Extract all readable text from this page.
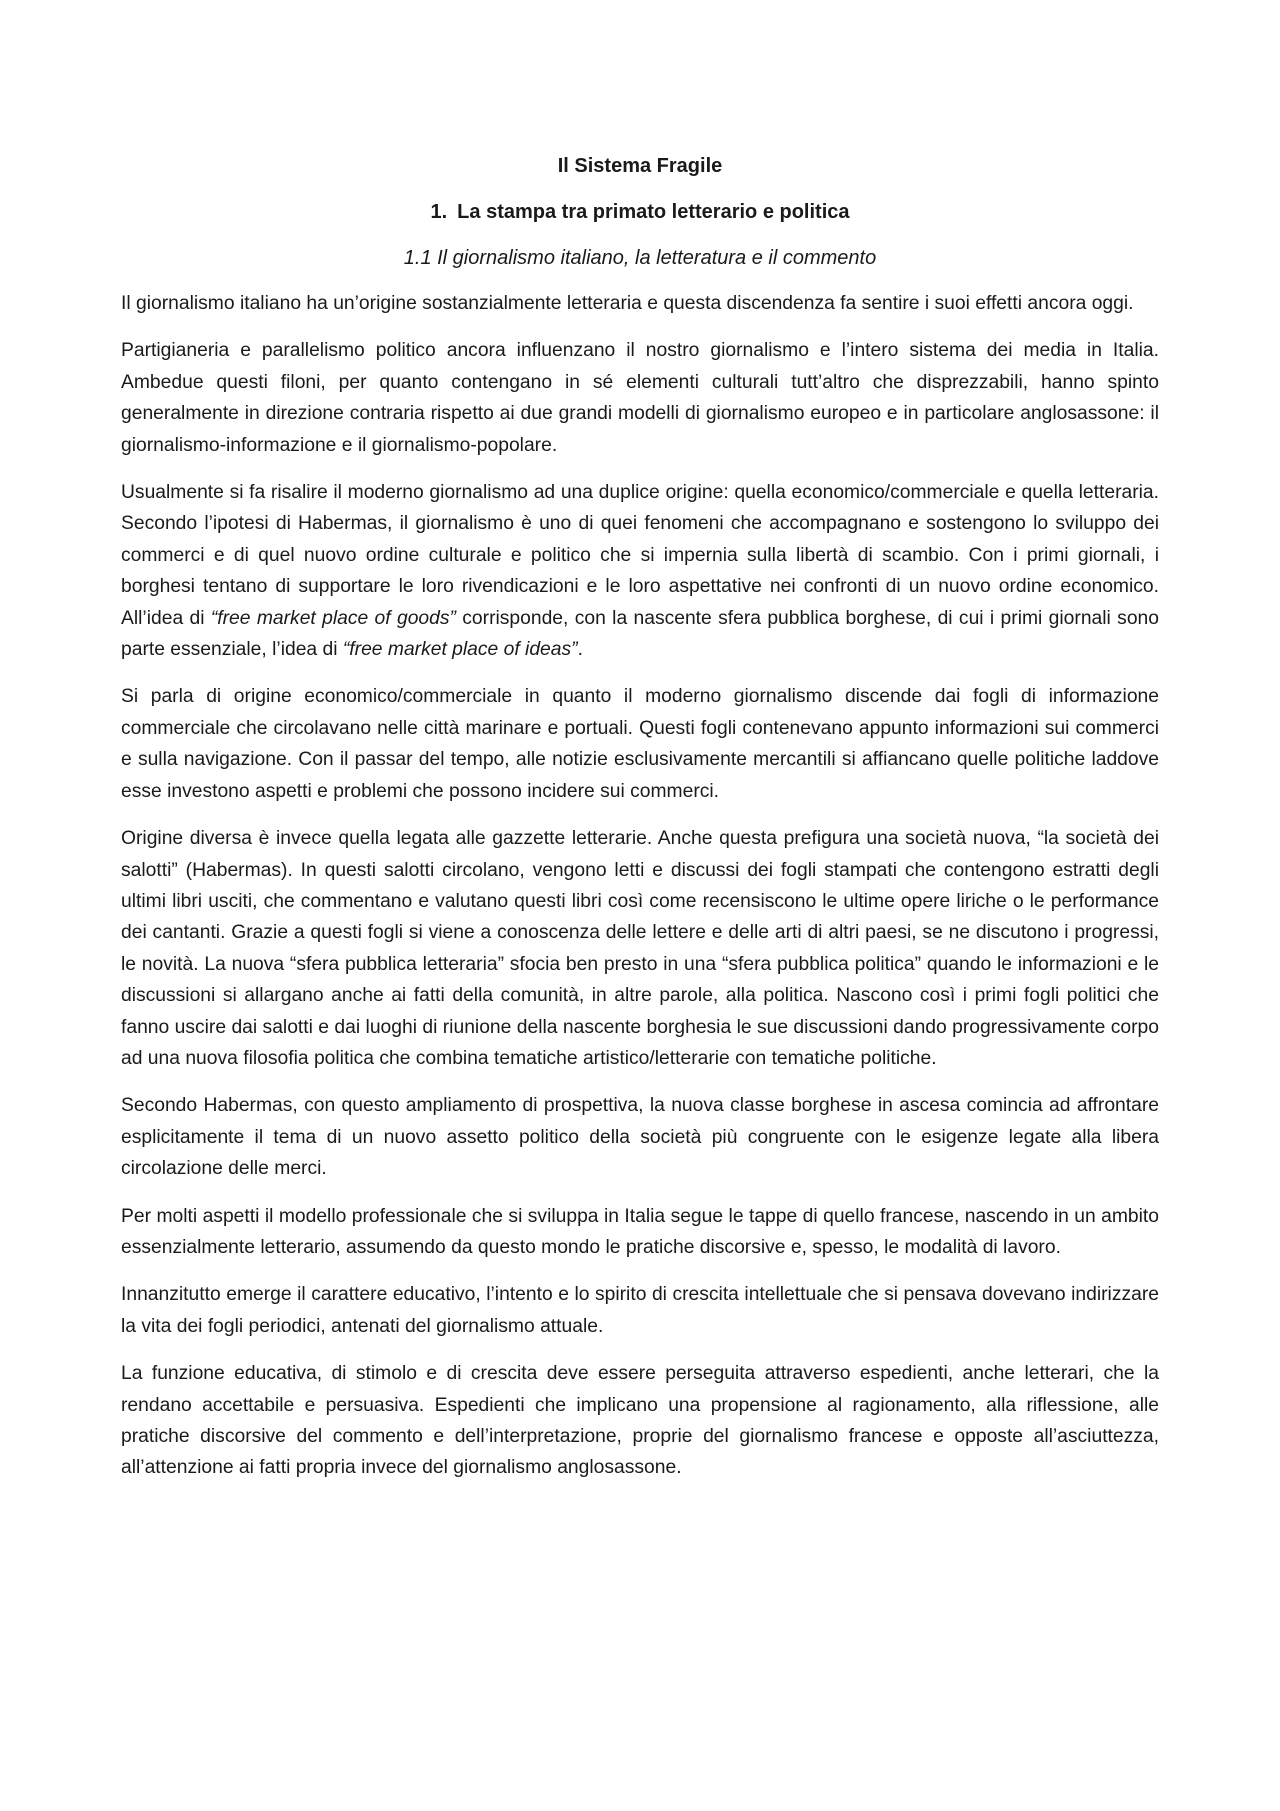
Il Sistema Fragile
1. La stampa tra primato letterario e politica
1.1 Il giornalismo italiano, la letteratura e il commento

Il giornalismo italiano ha un’origine sostanzialmente letteraria e questa discendenza fa sentire i suoi effetti ancora oggi.

Partigianeria e parallelismo politico ancora influenzano il nostro giornalismo e l’intero sistema dei media in Italia. Ambedue questi filoni, per quanto contengano in sé elementi culturali tutt’altro che disprezzabili, hanno spinto generalmente in direzione contraria rispetto ai due grandi modelli di giornalismo europeo e in particolare anglosassone: il giornalismo-informazione e il giornalismo-popolare.

Usualmente si fa risalire il moderno giornalismo ad una duplice origine: quella economico/commerciale e quella letteraria. Secondo l’ipotesi di Habermas, il giornalismo è uno di quei fenomeni che accompagnano e sostengono lo sviluppo dei commerci e di quel nuovo ordine culturale e politico che si impernia sulla libertà di scambio. Con i primi giornali, i borghesi tentano di supportare le loro rivendicazioni e le loro aspettative nei confronti di un nuovo ordine economico. All’idea di “free market place of goods” corrisponde, con la nascente sfera pubblica borghese, di cui i primi giornali sono parte essenziale, l’idea di “free market place of ideas”.

Si parla di origine economico/commerciale in quanto il moderno giornalismo discende dai fogli di informazione commerciale che circolavano nelle città marinare e portuali. Questi fogli contenevano appunto informazioni sui commerci e sulla navigazione. Con il passar del tempo, alle notizie esclusivamente mercantili si affiancano quelle politiche laddove esse investono aspetti e problemi che possono incidere sui commerci.

Origine diversa è invece quella legata alle gazzette letterarie. Anche questa prefigura una società nuova, “la società dei salotti” (Habermas). In questi salotti circolano, vengono letti e discussi dei fogli stampati che contengono estratti degli ultimi libri usciti, che commentano e valutano questi libri così come recensiscono le ultime opere liriche o le performance dei cantanti. Grazie a questi fogli si viene a conoscenza delle lettere e delle arti di altri paesi, se ne discutono i progressi, le novità. La nuova “sfera pubblica letteraria” sfocia ben presto in una “sfera pubblica politica” quando le informazioni e le discussioni si allargano anche ai fatti della comunità, in altre parole, alla politica. Nascono così i primi fogli politici che fanno uscire dai salotti e dai luoghi di riunione della nascente borghesia le sue discussioni dando progressivamente corpo ad una nuova filosofia politica che combina tematiche artistico/letterarie con tematiche politiche.

Secondo Habermas, con questo ampliamento di prospettiva, la nuova classe borghese in ascesa comincia ad affrontare esplicitamente il tema di un nuovo assetto politico della società più congruente con le esigenze legate alla libera circolazione delle merci.

Per molti aspetti il modello professionale che si sviluppa in Italia segue le tappe di quello francese, nascendo in un ambito essenzialmente letterario, assumendo da questo mondo le pratiche discorsive e, spesso, le modalità di lavoro.

Innanzitutto emerge il carattere educativo, l’intento e lo spirito di crescita intellettuale che si pensava dovevano indirizzare la vita dei fogli periodici, antenati del giornalismo attuale.

La funzione educativa, di stimolo e di crescita deve essere perseguita attraverso espedienti, anche letterari, che la rendano accettabile e persuasiva. Espedienti che implicano una propensione al ragionamento, alla riflessione, alle pratiche discorsive del commento e dell’interpretazione, proprie del giornalismo francese e opposte all’asciuttezza, all’attenzione ai fatti propria invece del giornalismo anglosassone.
